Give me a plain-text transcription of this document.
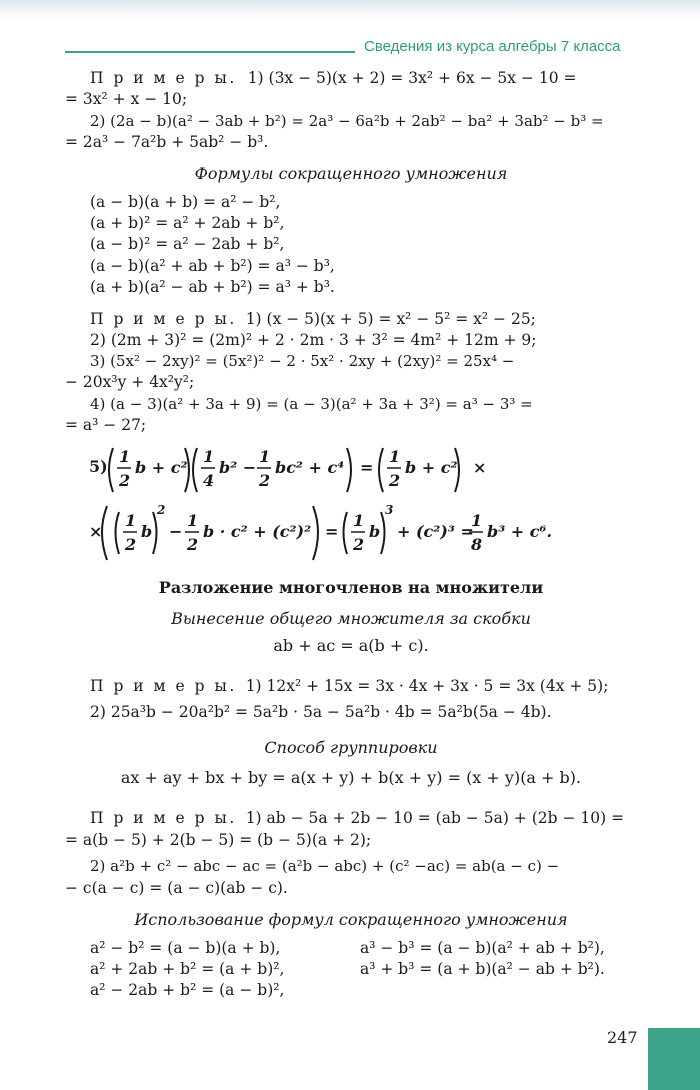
Сведения из курса алгебры 7 класса
П р и м е р ы. 1) (3x − 5)(x + 2) = 3x² + 6x − 5x − 10 =
= 3x² + x − 10;
2) (2a − b)(a² − 3ab + b²) = 2a³ − 6a²b + 2ab² − ba² + 3ab² − b³ =
= 2a³ − 7a²b + 5ab² − b³.
Формулы сокращенного умножения
(a − b)(a + b) = a² − b²,
(a + b)² = a² + 2ab + b²,
(a − b)² = a² − 2ab + b²,
(a − b)(a² + ab + b²) = a³ − b³,
(a + b)(a² − ab + b²) = a³ + b³.
П р и м е р ы. 1) (x − 5)(x + 5) = x² − 5² = x² − 25;
2) (2m + 3)² = (2m)² + 2 · 2m · 3 + 3² = 4m² + 12m + 9;
3) (5x² − 2xy)² = (5x²)² − 2 · 5x² · 2xy + (2xy)² = 25x⁴ −
− 20x³y + 4x²y²;
4) (a − 3)(a² + 3a + 9) = (a − 3)(a² + 3a + 3²) = a³ − 3³ =
= a³ − 27;
5)
1
2
b + c²
1
4
b² −
1
2
bc² + c⁴ =
1
2
b + c² ×
×
1
2
b
2
−
1
2
b · c² + (c²)² =
1
2
b
3
+ (c²)³ =
1
8
b³ + c⁶.
Разложение многочленов на множители
Вынесение общего множителя за скобки
ab + ac = a(b + c).
П р и м е р ы. 1) 12x² + 15x = 3x · 4x + 3x · 5 = 3x (4x + 5);
2) 25a³b − 20a²b² = 5a²b · 5a − 5a²b · 4b = 5a²b(5a − 4b).
Способ группировки
ax + ay + bx + by = a(x + y) + b(x + y) = (x + y)(a + b).
П р и м е р ы. 1) ab − 5a + 2b − 10 = (ab − 5a) + (2b − 10) =
= a(b − 5) + 2(b − 5) = (b − 5)(a + 2);
2) a²b + c² − abc − ac = (a²b − abc) + (c² −ac) = ab(a − c) −
− c(a − c) = (a − c)(ab − c).
Использование формул сокращенного умножения
a² − b² = (a − b)(a + b),
a² + 2ab + b² = (a + b)²,
a² − 2ab + b² = (a − b)²,
a³ − b³ = (a − b)(a² + ab + b²),
a³ + b³ = (a + b)(a² − ab + b²).
247
